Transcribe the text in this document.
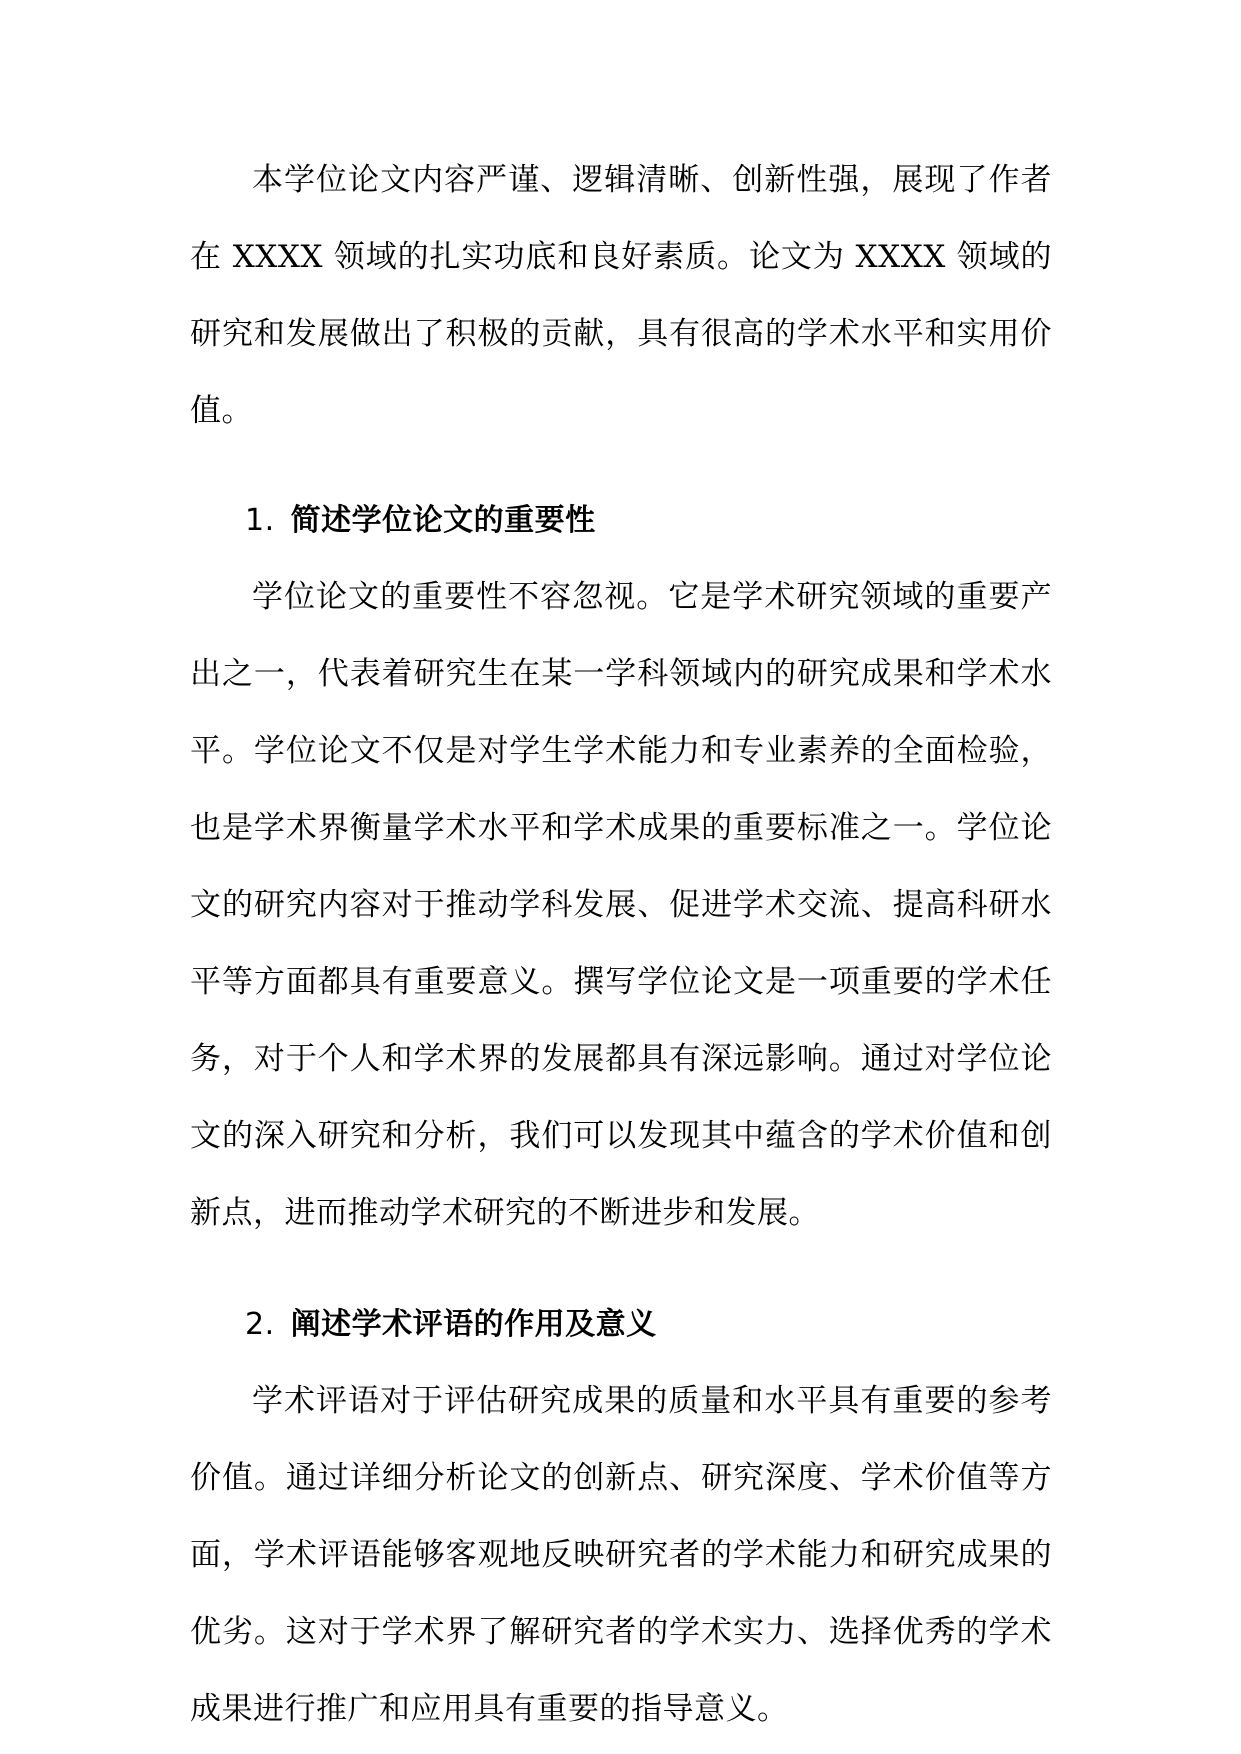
本学位论文内容严谨、逻辑清晰、创新性强，展现了作者在 XXXX 领域的扎实功底和良好素质。论文为 XXXX 领域的研究和发展做出了积极的贡献，具有很高的学术水平和实用价值。

1. 简述学位论文的重要性

学位论文的重要性不容忽视。它是学术研究领域的重要产出之一，代表着研究生在某一学科领域内的研究成果和学术水平。学位论文不仅是对学生学术能力和专业素养的全面检验，也是学术界衡量学术水平和学术成果的重要标准之一。学位论文的研究内容对于推动学科发展、促进学术交流、提高科研水平等方面都具有重要意义。撰写学位论文是一项重要的学术任务，对于个人和学术界的发展都具有深远影响。通过对学位论文的深入研究和分析，我们可以发现其中蕴含的学术价值和创新点，进而推动学术研究的不断进步和发展。

2. 阐述学术评语的作用及意义

学术评语对于评估研究成果的质量和水平具有重要的参考价值。通过详细分析论文的创新点、研究深度、学术价值等方面，学术评语能够客观地反映研究者的学术能力和研究成果的优劣。这对于学术界了解研究者的学术实力、选择优秀的学术成果进行推广和应用具有重要的指导意义。
